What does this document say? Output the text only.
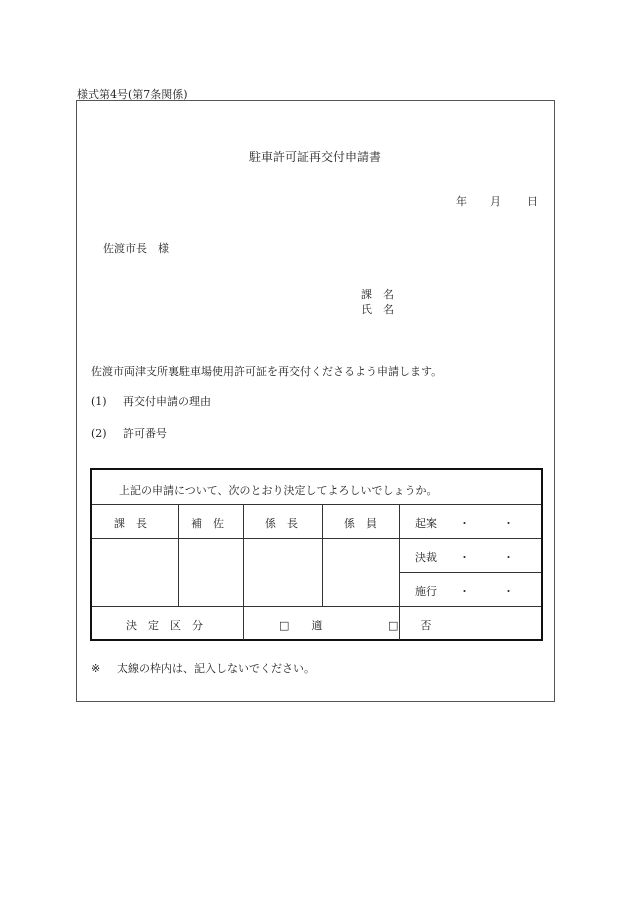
様式第4号(第7条関係)
駐車許可証再交付申請書
年 月 日
佐渡市長　様
課　名
氏　名
佐渡市両津支所裏駐車場使用許可証を再交付くださるよう申請します。
(1) 再交付申請の理由
(2) 許可番号
上記の申請について、次のとおり決定してよろしいでしょうか。
課　長	補　佐	係　長	係　員	起案 ・　　　・
決裁 ・　　　・
施行 ・　　　・
決　定　区　分	□　　適	□　　否
※ 太線の枠内は、記入しないでください。
